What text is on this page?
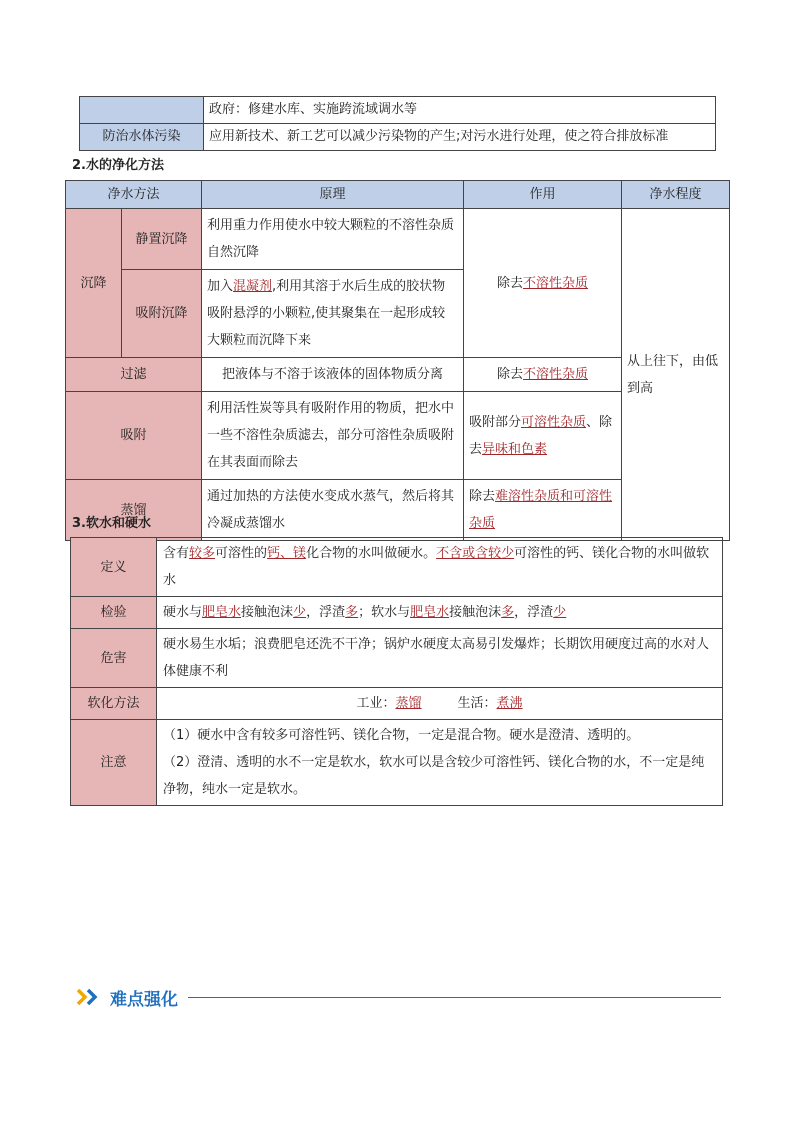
	政府：修建水库、实施跨流域调水等
防治水体污染	应用新技术、新工艺可以减少污染物的产生;对污水进行处理，使之符合排放标准

2.水的净化方法

净水方法		原理	作用	净水程度
沉降	静置沉降	利用重力作用使水中较大颗粒的不溶性杂质自然沉降	除去不溶性杂质	从上往下，由低到高
	吸附沉降	加入混凝剂,利用其溶于水后生成的胶状物吸附悬浮的小颗粒,使其聚集在一起形成较大颗粒而沉降下来		
过滤		把液体与不溶于该液体的固体物质分离	除去不溶性杂质	
吸附		利用活性炭等具有吸附作用的物质，把水中一些不溶性杂质滤去，部分可溶性杂质吸附在其表面而除去	吸附部分可溶性杂质、除去异味和色素	
蒸馏		通过加热的方法使水变成水蒸气，然后将其冷凝成蒸馏水	除去难溶性杂质和可溶性杂质	

3.软水和硬水

定义	含有较多可溶性的钙、镁化合物的水叫做硬水。不含或含较少可溶性的钙、镁化合物的水叫做软水
检验	硬水与肥皂水接触泡沫少，浮渣多；软水与肥皂水接触泡沫多，浮渣少
危害	硬水易生水垢；浪费肥皂还洗不干净；锅炉水硬度太高易引发爆炸；长期饮用硬度过高的水对人体健康不利
软化方法	工业：蒸馏 生活：煮沸
注意	（1）硬水中含有较多可溶性钙、镁化合物，一定是混合物。硬水是澄清、透明的。
（2）澄清、透明的水不一定是软水，软水可以是含较少可溶性钙、镁化合物的水，不一定是纯净物，纯水一定是软水。
难点强化
